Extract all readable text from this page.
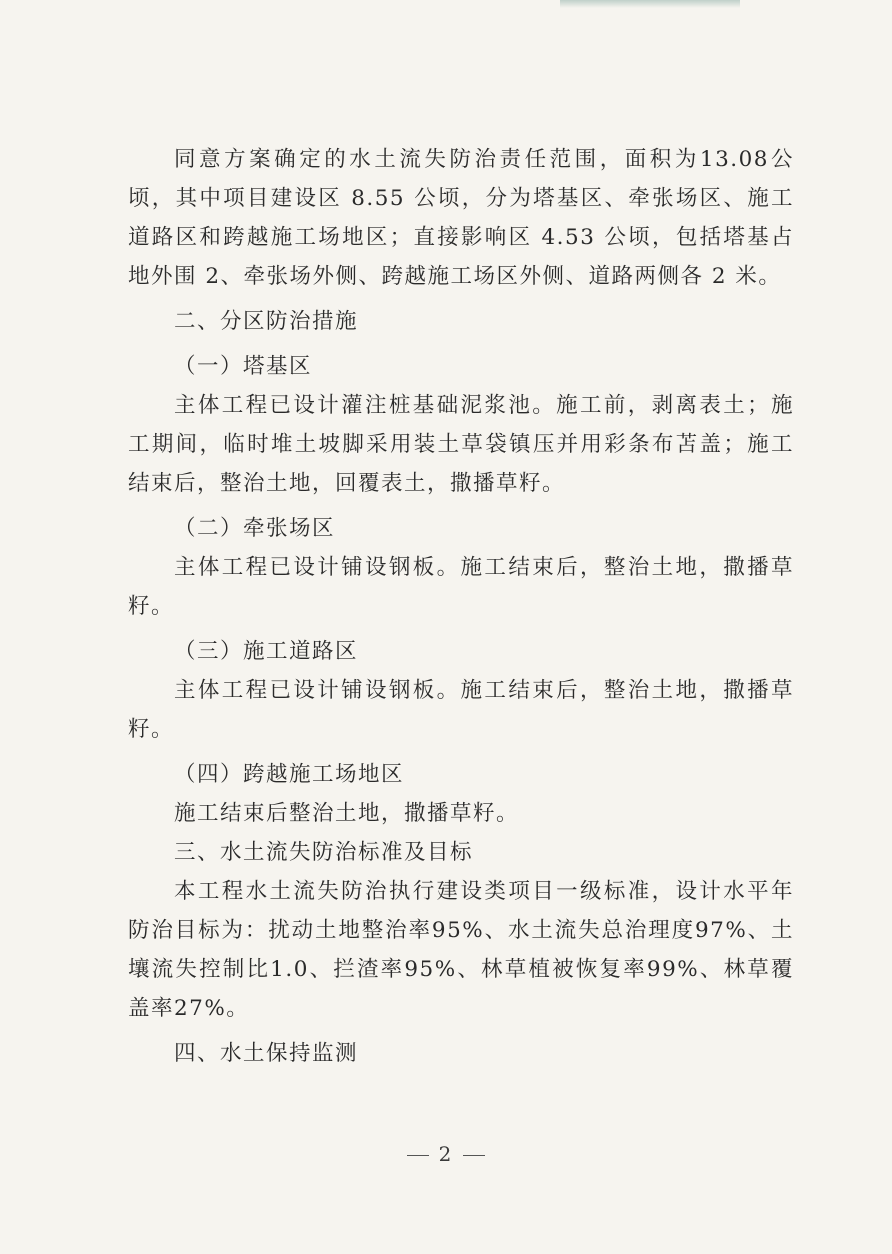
同意方案确定的水土流失防治责任范围，面积为13.08公顷，其中项目建设区 8.55 公顷，分为塔基区、牵张场区、施工道路区和跨越施工场地区；直接影响区 4.53 公顷，包括塔基占地外围 2、牵张场外侧、跨越施工场区外侧、道路两侧各 2 米。

二、分区防治措施

（一）塔基区

主体工程已设计灌注桩基础泥浆池。施工前，剥离表土；施工期间，临时堆土坡脚采用装土草袋镇压并用彩条布苫盖；施工结束后，整治土地，回覆表土，撒播草籽。

（二）牵张场区

主体工程已设计铺设钢板。施工结束后，整治土地，撒播草籽。

（三）施工道路区

主体工程已设计铺设钢板。施工结束后，整治土地，撒播草籽。

（四）跨越施工场地区

施工结束后整治土地，撒播草籽。

三、水土流失防治标准及目标

本工程水土流失防治执行建设类项目一级标准，设计水平年防治目标为：扰动土地整治率95%、水土流失总治理度97%、土壤流失控制比1.0、拦渣率95%、林草植被恢复率99%、林草覆盖率27%。

四、水土保持监测

2
